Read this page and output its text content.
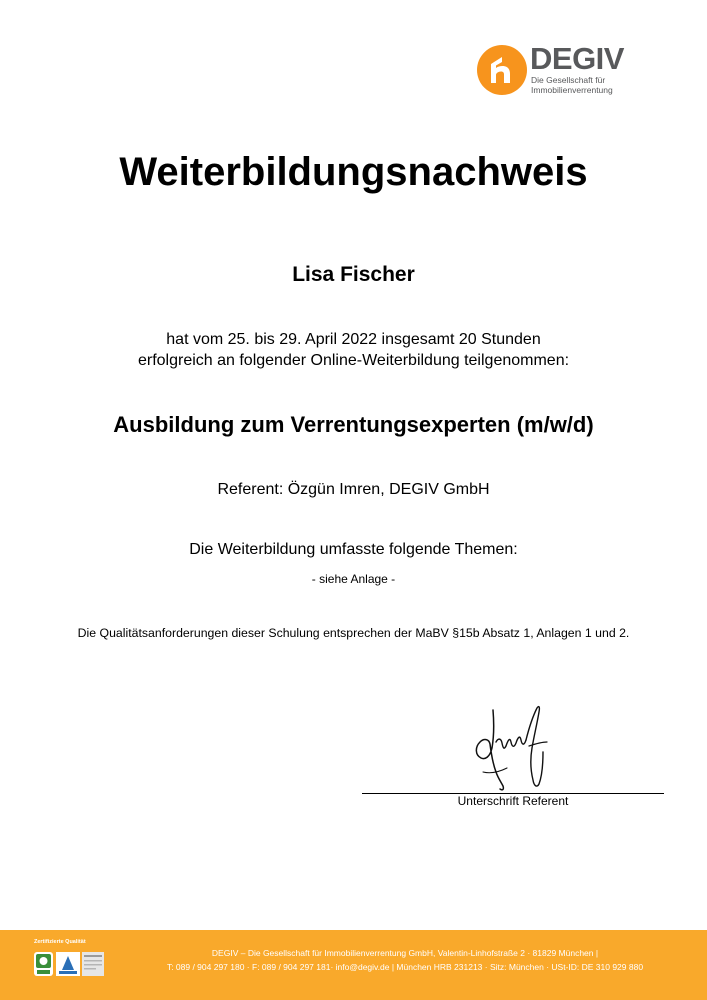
DEGIV
Die Gesellschaft für
Immobilienverrentung
Weiterbildungsnachweis
Lisa Fischer
hat vom 25. bis 29. April 2022 insgesamt 20 Stunden
erfolgreich an folgender Online-Weiterbildung teilgenommen:
Ausbildung zum Verrentungsexperten (m/w/d)
Referent: Özgün Imren, DEGIV GmbH
Die Weiterbildung umfasste folgende Themen:
- siehe Anlage -
Die Qualitätsanforderungen dieser Schulung entsprechen der MaBV §15b Absatz 1, Anlagen 1 und 2.
Unterschrift Referent
Zertifizierte Qualität
DEGIV – Die Gesellschaft für Immobilienverrentung GmbH, Valentin-Linhofstraße 2 · 81829 München |
T: 089 / 904 297 180 · F: 089 / 904 297 181· info@degiv.de | München HRB 231213 · Sitz: München · USt-ID: DE 310 929 880
